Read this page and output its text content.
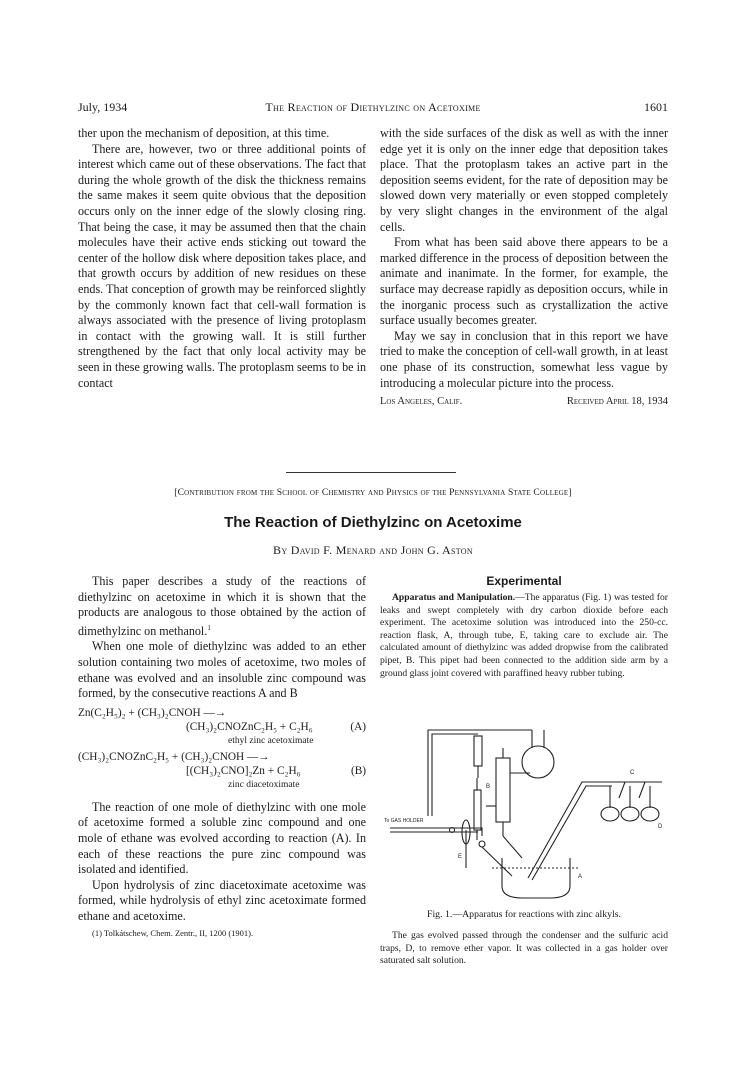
July, 1934	The Reaction of Diethylzinc on Acetoxime	1601

ther upon the mechanism of deposition, at this time.

There are, however, two or three additional points of interest which came out of these observations. The fact that during the whole growth of the disk the thickness remains the same makes it seem quite obvious that the deposition occurs only on the inner edge of the slowly closing ring. That being the case, it may be assumed then that the chain molecules have their active ends sticking out toward the center of the hollow disk where deposition takes place, and that growth occurs by addition of new residues on these ends. That conception of growth may be reinforced slightly by the commonly known fact that cell-wall formation is always associated with the presence of living protoplasm in contact with the growing wall. It is still further strengthened by the fact that only local activity may be seen in these growing walls. The protoplasm seems to be in contact

with the side surfaces of the disk as well as with the inner edge yet it is only on the inner edge that deposition takes place. That the protoplasm takes an active part in the deposition seems evident, for the rate of deposition may be slowed down very materially or even stopped completely by very slight changes in the environment of the algal cells.

From what has been said above there appears to be a marked difference in the process of deposition between the animate and inanimate. In the former, for example, the surface may decrease rapidly as deposition occurs, while in the inorganic process such as crystallization the active surface usually becomes greater.

May we say in conclusion that in this report we have tried to make the conception of cell-wall growth, in at least one phase of its construction, somewhat less vague by introducing a molecular picture into the process.

Los Angeles, Calif.	Received April 18, 1934
[Contribution from the School of Chemistry and Physics of the Pennsylvania State College]
The Reaction of Diethylzinc on Acetoxime
By David F. Menard and John G. Aston

This paper describes a study of the reactions of diethylzinc on acetoxime in which it is shown that the products are analogous to those obtained by the action of dimethylzinc on methanol.$^1$

When one mole of diethylzinc was added to an ether solution containing two moles of acetoxime, two moles of ethane was evolved and an insoluble zinc compound was formed, by the consecutive reactions A and B

Zn(C₂H₅)₂ + (CH₃)₂CNOH —→
(CH₃)₂CNOZnC₂H₅ + C₂H₆	(A)
ethyl zinc acetoximate
(CH₃)₂CNOZnC₂H₅ + (CH₃)₂CNOH —→
[(CH₃)₂CNO]₂Zn + C₂H₆	(B)
zinc diacetoximate

The reaction of one mole of diethylzinc with one mole of acetoxime formed a soluble zinc compound and one mole of ethane was evolved according to reaction (A). In each of these reactions the pure zinc compound was isolated and identified.

Upon hydrolysis of zinc diacetoximate acetoxime was formed, while hydrolysis of ethyl zinc acetoximate formed ethane and acetoxime.

(1) Tolkátschew, Chem. Zentr., II, 1200 (1901).

Experimental

Apparatus and Manipulation.—The apparatus (Fig. 1) was tested for leaks and swept completely with dry carbon dioxide before each experiment. The acetoxime solution was introduced into the 250-cc. reaction flask, A, through tube, E, taking care to exclude air. The calculated amount of diethylzinc was added dropwise from the calibrated pipet, B. This pipet had been connected to the addition side arm by a ground glass joint covered with paraffined heavy rubber tubing.

To GAS HOLDER
A
B
C
D
E
Fig. 1.—Apparatus for reactions with zinc alkyls.

The gas evolved passed through the condenser and the sulfuric acid traps, D, to remove ether vapor. It was collected in a gas holder over saturated salt solution.
